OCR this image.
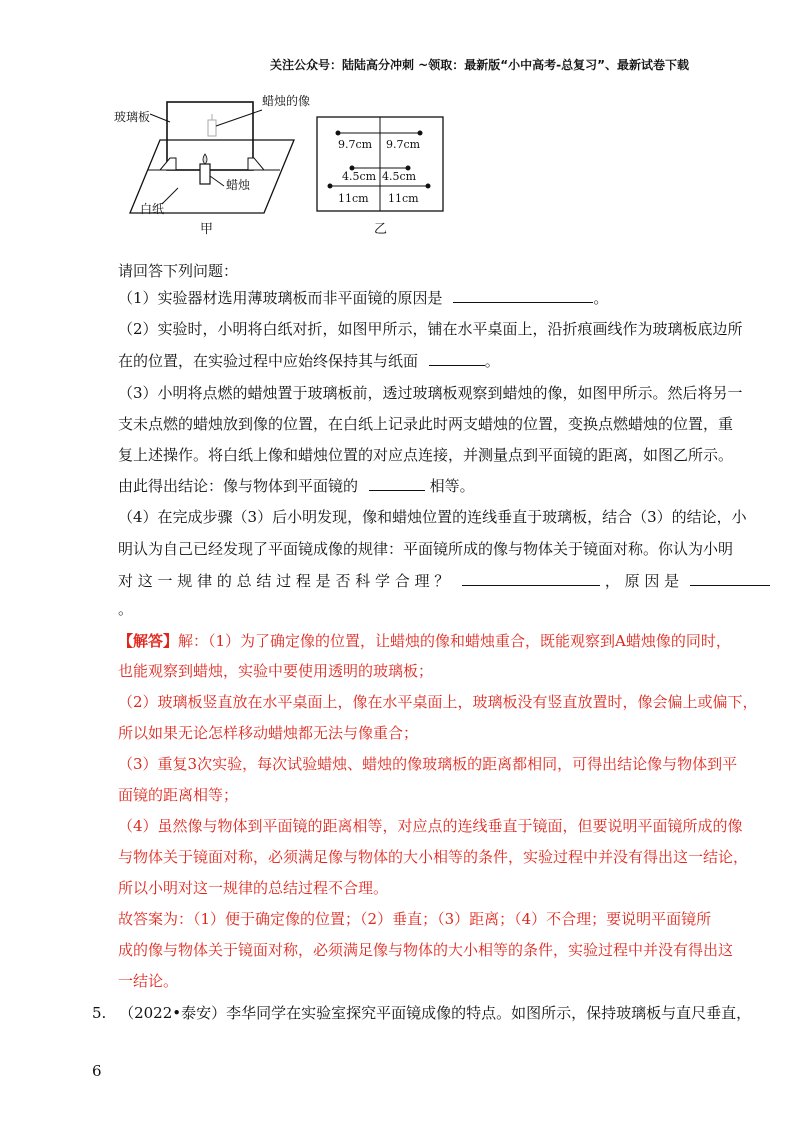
关注公众号：陆陆高分冲刺 ~领取：最新版“小中高考-总复习”、最新试卷下载
玻璃板
蜡烛的像
蜡烛
白纸
甲
9.7cm 9.7cm
4.5cm 4.5cm
11cm 11cm
乙
请回答下列问题：
（1）实验器材选用薄玻璃板而非平面镜的原因是	。
（2）实验时，小明将白纸对折，如图甲所示，铺在水平桌面上，沿折痕画线作为玻璃板底边所
在的位置，在实验过程中应始终保持其与纸面	。
（3）小明将点燃的蜡烛置于玻璃板前，透过玻璃板观察到蜡烛的像，如图甲所示。然后将另一
支未点燃的蜡烛放到像的位置，在白纸上记录此时两支蜡烛的位置，变换点燃蜡烛的位置，重
复上述操作。将白纸上像和蜡烛位置的对应点连接，并测量点到平面镜的距离，如图乙所示。
由此得出结论：像与物体到平面镜的	相等。
（4）在完成步骤（3）后小明发现，像和蜡烛位置的连线垂直于玻璃板，结合（3）的结论，小
明认为自己已经发现了平面镜成像的规律：平面镜所成的像与物体关于镜面对称。你认为小明
对 这 一 规 律 的 总 结 过 程 是 否 科 学 合 理 ？	， 原 因 是
。
【解答】解：（1）为了确定像的位置，让蜡烛的像和蜡烛重合，既能观察到A蜡烛像的同时，
也能观察到蜡烛，实验中要使用透明的玻璃板；
（2）玻璃板竖直放在水平桌面上，像在水平桌面上，玻璃板没有竖直放置时，像会偏上或偏下，
所以如果无论怎样移动蜡烛都无法与像重合；
（3）重复3次实验，每次试验蜡烛、蜡烛的像玻璃板的距离都相同，可得出结论像与物体到平
面镜的距离相等；
（4）虽然像与物体到平面镜的距离相等，对应点的连线垂直于镜面，但要说明平面镜所成的像
与物体关于镜面对称，必须满足像与物体的大小相等的条件，实验过程中并没有得出这一结论，
所以小明对这一规律的总结过程不合理。
故答案为：（1）便于确定像的位置；（2）垂直；（3）距离；（4）不合理；要说明平面镜所
成的像与物体关于镜面对称，必须满足像与物体的大小相等的条件，实验过程中并没有得出这
一结论。
5. （2022•泰安）李华同学在实验室探究平面镜成像的特点。如图所示，保持玻璃板与直尺垂直，
6
